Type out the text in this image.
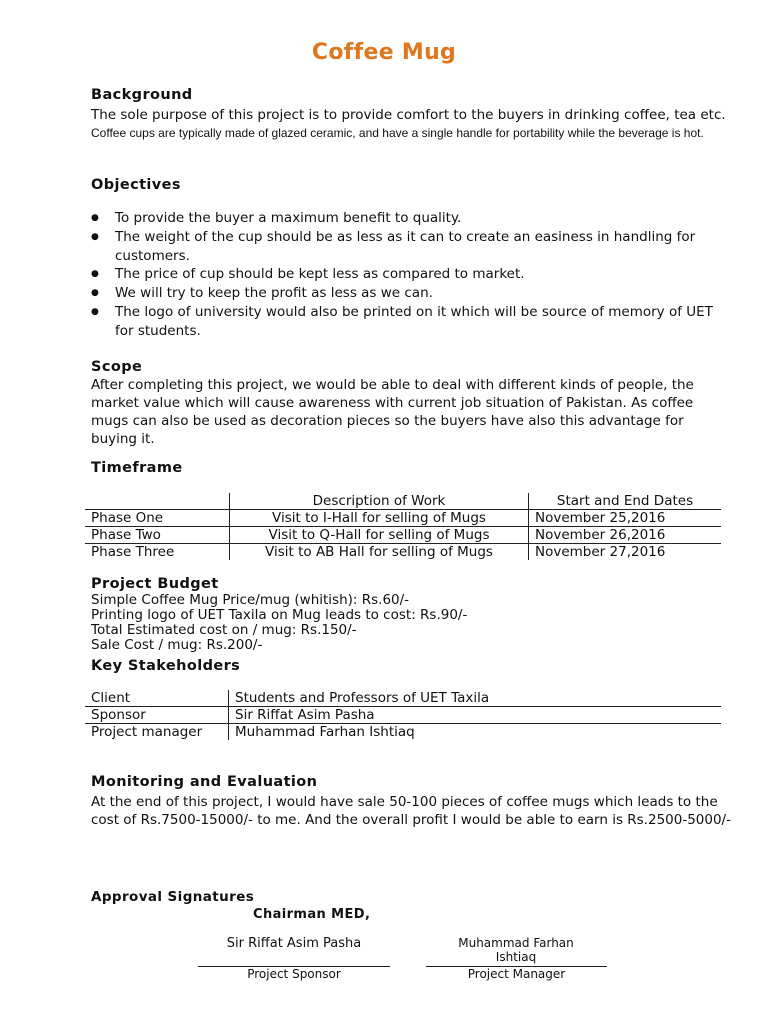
Coffee Mug
Background
The sole purpose of this project is to provide comfort to the buyers in drinking coffee, tea etc. Coffee cups are typically made of glazed ceramic, and have a single handle for portability while the beverage is hot.
Objectives
● To provide the buyer a maximum benefit to quality.
● The weight of the cup should be as less as it can to create an easiness in handling for customers.
● The price of cup should be kept less as compared to market.
● We will try to keep the profit as less as we can.
● The logo of university would also be printed on it which will be source of memory of UET for students.
Scope
After completing this project, we would be able to deal with different kinds of people, the market value which will cause awareness with current job situation of Pakistan. As coffee mugs can also be used as decoration pieces so the buyers have also this advantage for buying it.
Timeframe
	Description of Work	Start and End Dates
Phase One	Visit to I-Hall for selling of Mugs	November 25,2016
Phase Two	Visit to Q-Hall for selling of Mugs	November 26,2016
Phase Three	Visit to AB Hall for selling of Mugs	November 27,2016
Project Budget
Simple Coffee Mug Price/mug (whitish): Rs.60/-
Printing logo of UET Taxila on Mug leads to cost: Rs.90/-
Total Estimated cost on / mug: Rs.150/-
Sale Cost / mug: Rs.200/-
Key Stakeholders
Client	Students and Professors of UET Taxila
Sponsor	Sir Riffat Asim Pasha
Project manager	Muhammad Farhan Ishtiaq
Monitoring and Evaluation
At the end of this project, I would have sale 50-100 pieces of coffee mugs which leads to the cost of Rs.7500-15000/- to me. And the overall profit I would be able to earn is Rs.2500-5000/-
Approval Signatures
Chairman MED,
Sir Riffat Asim Pasha
Project Sponsor
Muhammad Farhan Ishtiaq
Project Manager
